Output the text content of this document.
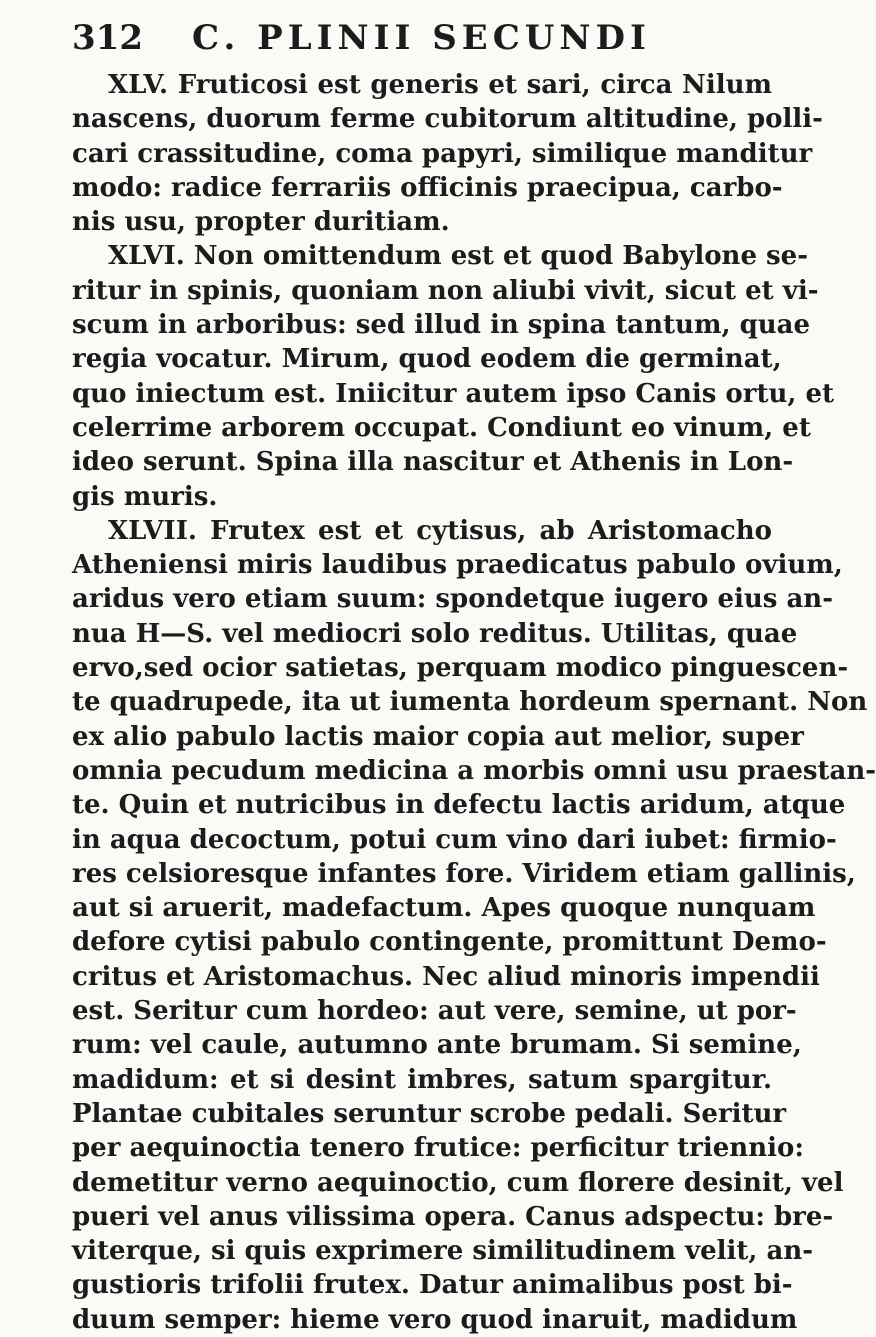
312	C. PLINII SECUNDI
XLV. Fruticosi est generis et sari, circa Nilum
nascens, duorum ferme cubitorum altitudine, polli-
cari crassitudine, coma papyri, similique manditur
modo: radice ferrariis officinis praecipua, carbo-
nis usu, propter duritiam.
XLVI. Non omittendum est et quod Babylone se-
ritur in spinis, quoniam non aliubi vivit, sicut et vi-
scum in arboribus: sed illud in spina tantum, quae
regia vocatur. Mirum, quod eodem die germinat,
quo iniectum est. Iniicitur autem ipso Canis ortu, et
celerrime arborem occupat. Condiunt eo vinum, et
ideo serunt. Spina illa nascitur et Athenis in Lon-
gis muris.
XLVII. Frutex est et cytisus, ab Aristomacho
Atheniensi miris laudibus praedicatus pabulo ovium,
aridus vero etiam suum: spondetque iugero eius an-
nua H—S. vel mediocri solo reditus. Utilitas, quae
ervo,sed ocior satietas, perquam modico pinguescen-
te quadrupede, ita ut iumenta hordeum spernant. Non
ex alio pabulo lactis maior copia aut melior, super
omnia pecudum medicina a morbis omni usu praestan-
te. Quin et nutricibus in defectu lactis aridum, atque
in aqua decoctum, potui cum vino dari iubet: firmio-
res celsioresque infantes fore. Viridem etiam gallinis,
aut si aruerit, madefactum. Apes quoque nunquam
defore cytisi pabulo contingente, promittunt Demo-
critus et Aristomachus. Nec aliud minoris impendii
est. Seritur cum hordeo: aut vere, semine, ut por-
rum: vel caule, autumno ante brumam. Si semine,
madidum: et si desint imbres, satum spargitur.
Plantae cubitales seruntur scrobe pedali. Seritur
per aequinoctia tenero frutice: perficitur triennio:
demetitur verno aequinoctio, cum florere desinit, vel
pueri vel anus vilissima opera. Canus adspectu: bre-
viterque, si quis exprimere similitudinem velit, an-
gustioris trifolii frutex. Datur animalibus post bi-
duum semper: hieme vero quod inaruit, madidum
